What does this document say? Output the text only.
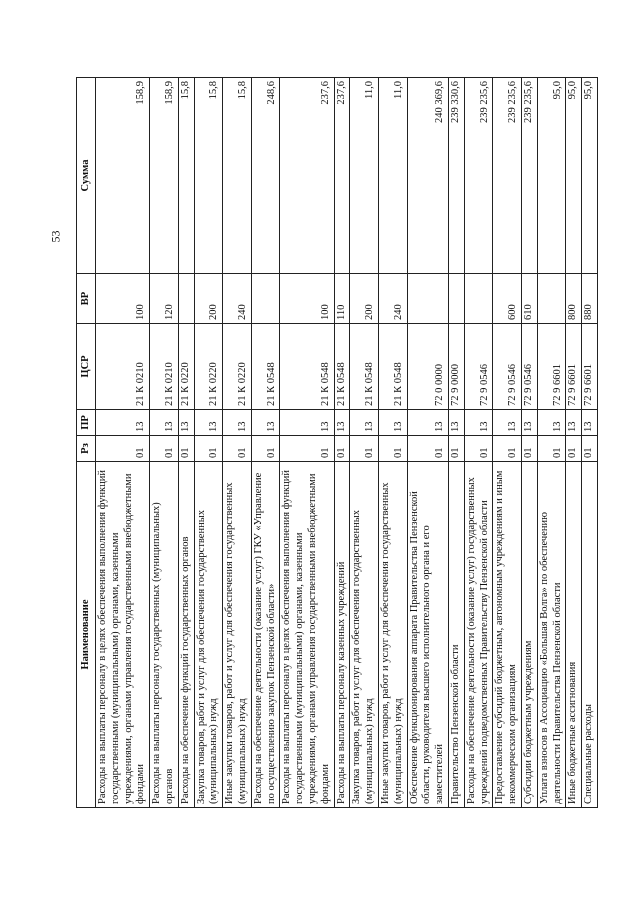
53
Наименование	Рз	ПР	ЦСР	ВР	Сумма
Расходы на выплаты персоналу в целях обеспечения выполнения функций государственными (муниципальными) органами, казенными учреждениями, органами управления государственными внебюджетными фондами	01	13	21 К 0210	100	158,9
Расходы на выплаты персоналу государственных (муниципальных) органов	01	13	21 К 0210	120	158,9
Расходы на обеспечение функций государственных органов	01	13	21 К 0220		15,8
Закупка товаров, работ и услуг для обеспечения государственных (муниципальных) нужд	01	13	21 К 0220	200	15,8
Иные закупки товаров, работ и услуг для обеспечения государственных (муниципальных) нужд	01	13	21 К 0220	240	15,8
Расходы на обеспечение деятельности (оказание услуг) ГКУ «Управление по осуществлению закупок Пензенской области»	01	13	21 К 0548		248,6
Расходы на выплаты персоналу в целях обеспечения выполнения функций государственными (муниципальными) органами, казенными учреждениями, органами управления государственными внебюджетными фондами	01	13	21 К 0548	100	237,6
Расходы на выплаты персоналу казенных учреждений	01	13	21 К 0548	110	237,6
Закупка товаров, работ и услуг для обеспечения государственных (муниципальных) нужд	01	13	21 К 0548	200	11,0
Иные закупки товаров, работ и услуг для обеспечения государственных (муниципальных) нужд	01	13	21 К 0548	240	11,0
Обеспечение функционирования аппарата Правительства Пензенской области, руководителя высшего исполнительного органа и его заместителей	01	13	72 0 0000		240 369,6
Правительство Пензенской области	01	13	72 9 0000		239 330,6
Расходы на обеспечение деятельности (оказание услуг) государственных учреждений подведомственных Правительству Пензенской области	01	13	72 9 0546		239 235,6
Предоставление субсидий бюджетным, автономным учреждениям и иным некоммерческим организациям	01	13	72 9 0546	600	239 235,6
Субсидии бюджетным учреждениям	01	13	72 9 0546	610	239 235,6
Уплата взносов в Ассоциацию «Большая Волга» по обеспечению деятельности Правительства Пензенской области	01	13	72 9 6601		95,0
Иные бюджетные ассигнования	01	13	72 9 6601	800	95,0
Специальные расходы	01	13	72 9 6601	880	95,0
